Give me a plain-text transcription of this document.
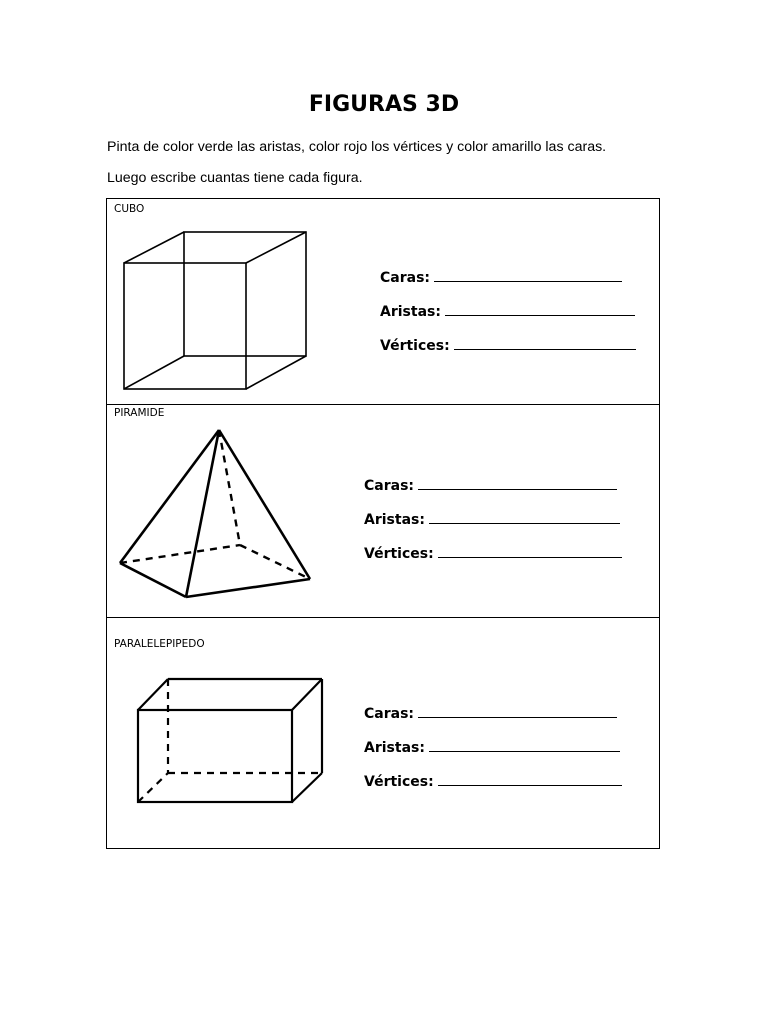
FIGURAS 3D
Pinta de color verde las aristas, color rojo los vértices y color amarillo las caras.
Luego escribe cuantas tiene cada figura.
CUBO
Caras:
Aristas:
Vértices:
PIRAMIDE
Caras:
Aristas:
Vértices:
PARALELEPIPEDO
Caras:
Aristas:
Vértices:
